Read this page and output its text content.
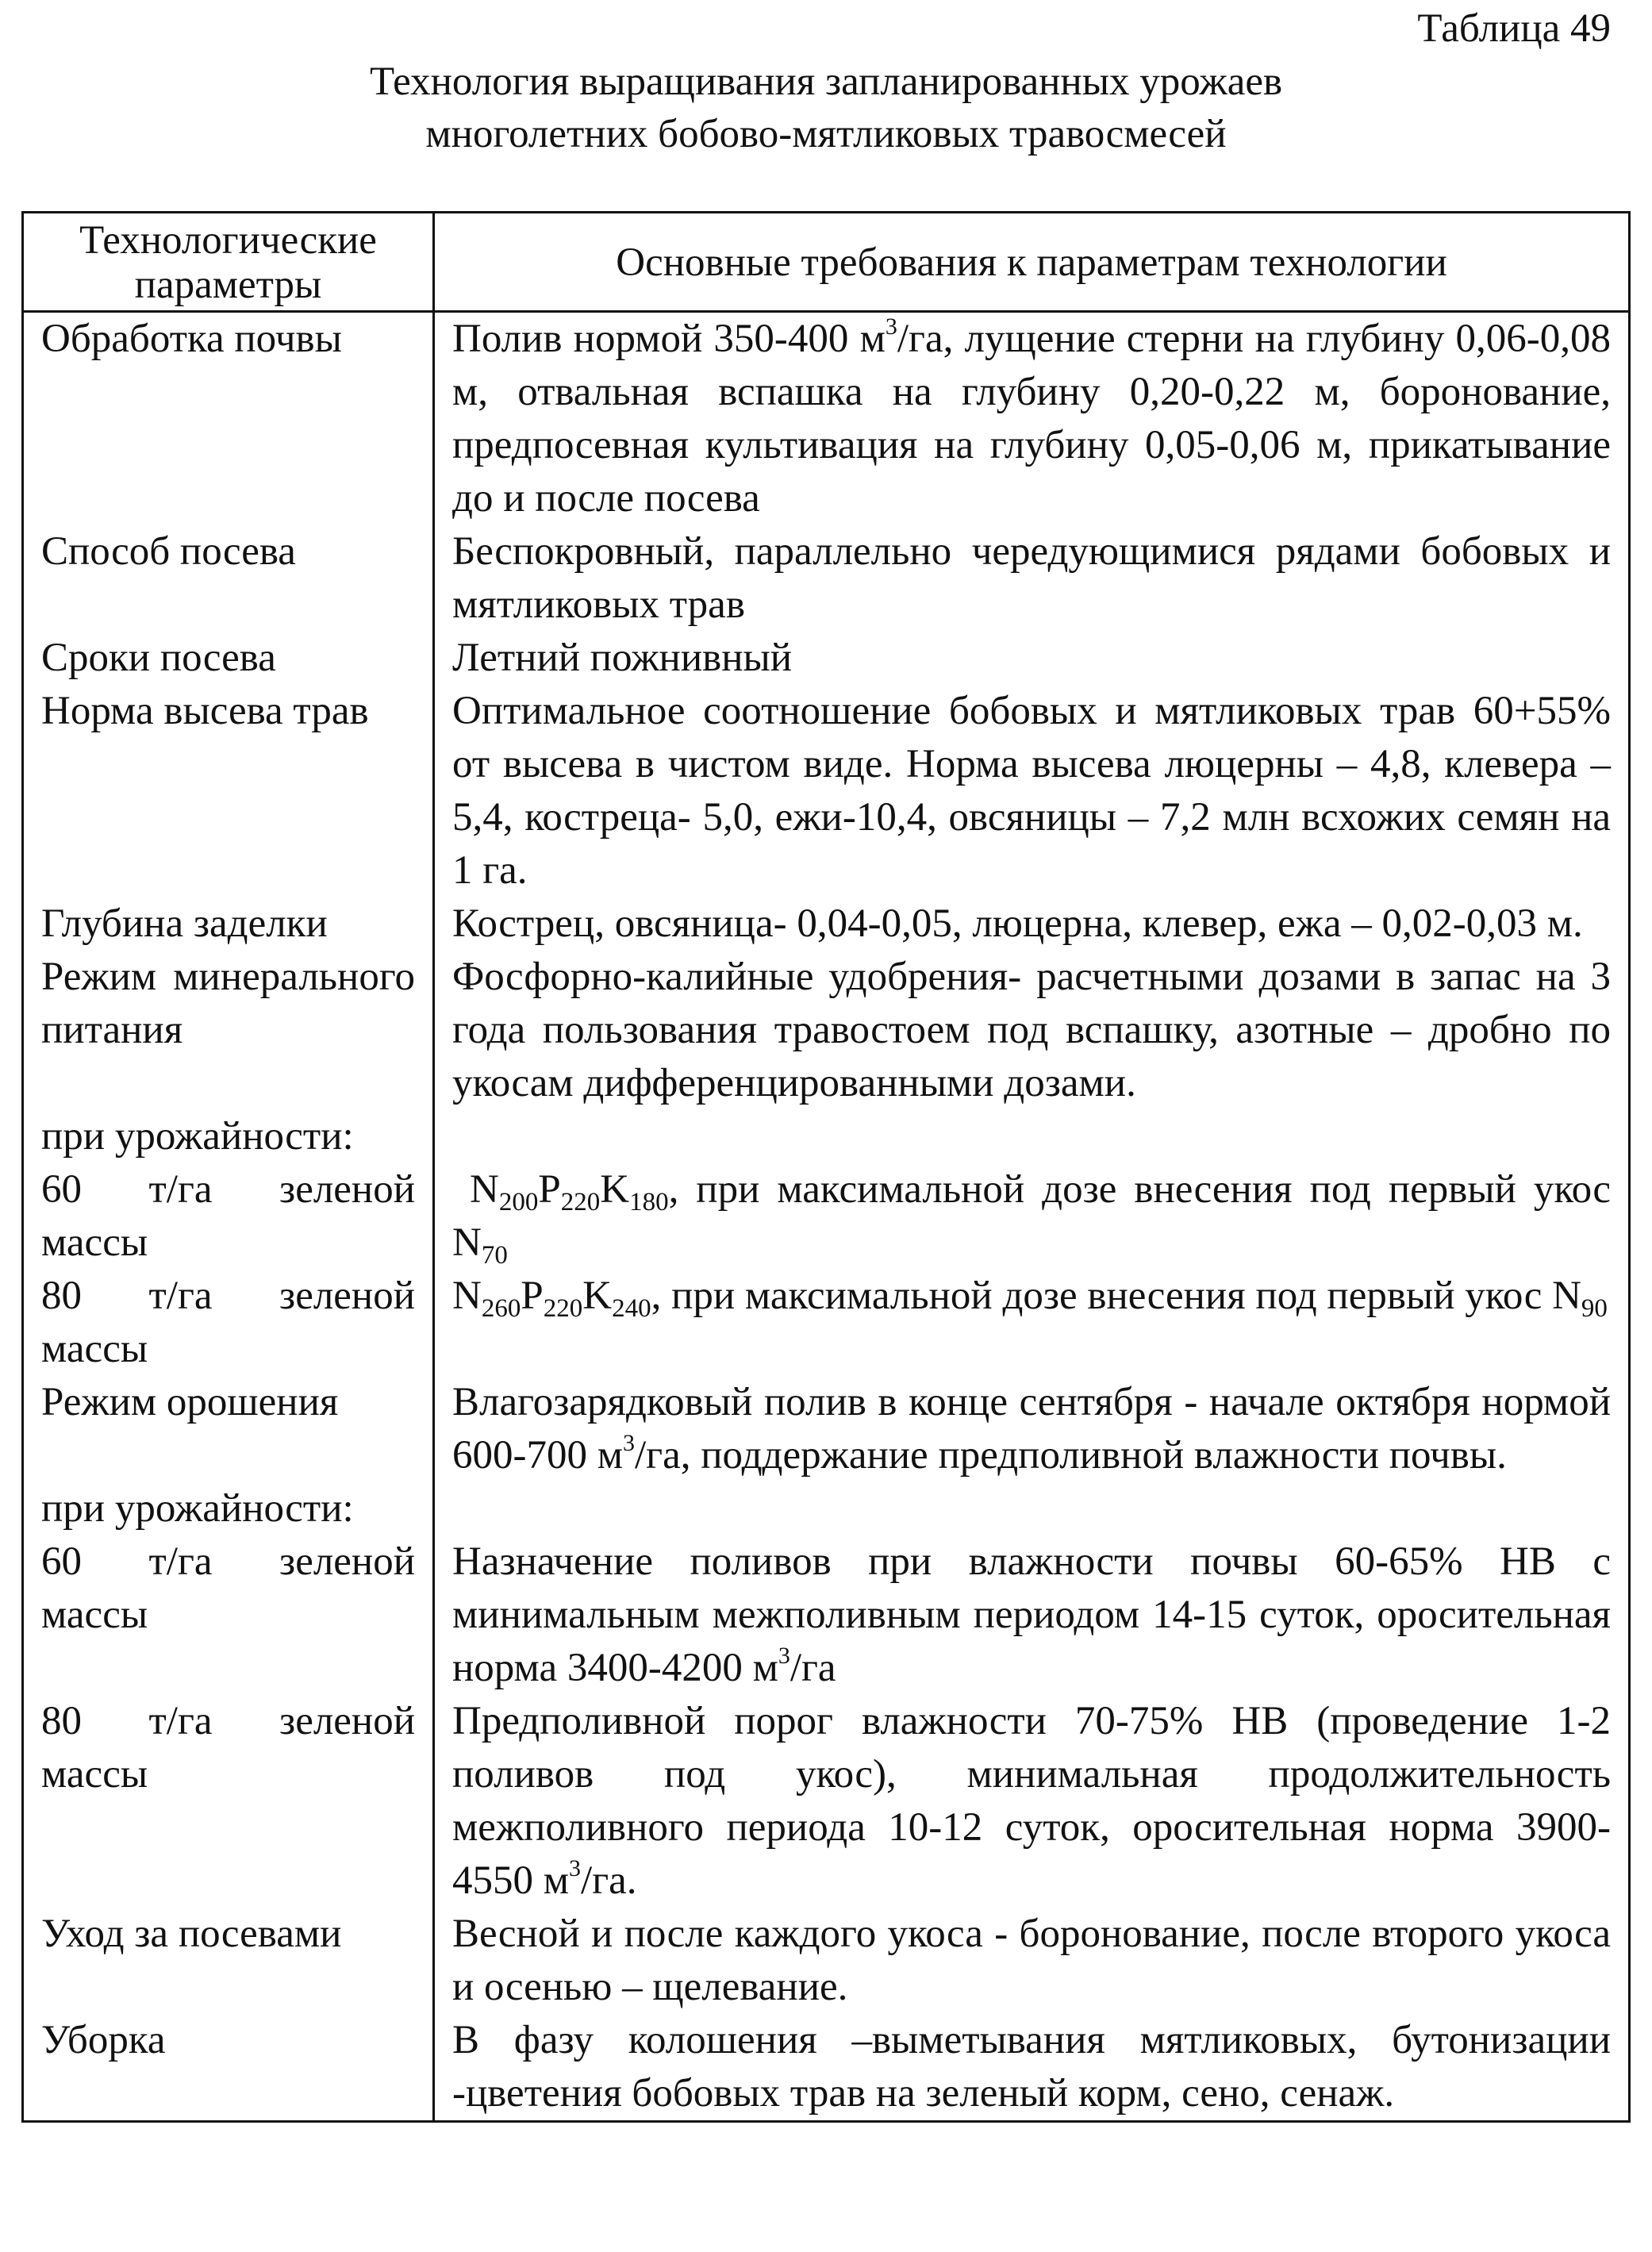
Таблица 49
Технология выращивания запланированных урожаев
многолетних бобово-мятликовых травосмесей
Технологические параметры	Основные требования к параметрам технологии
Обработка почвы	Полив нормой 350-400 $м^3/га$, лущение стерни на глубину 0,06-0,08 м, отвальная вспашка на глубину 0,20-0,22 м, боронование, предпосевная культивация на глубину 0,05-0,06 м, прикатывание до и после посева
Способ посева	Беспокровный, параллельно чередующимися рядами бобовых и мятликовых трав
Сроки посева	Летний пожнивный
Норма высева трав	Оптимальное соотношение бобовых и мятликовых трав 60+55% от высева в чистом виде. Норма высева люцерны – 4,8, клевера – 5,4, костреца- 5,0, ежи-10,4, овсяницы – 7,2 млн всхожих семян на 1 га.
Глубина заделки	Кострец, овсяница- 0,04-0,05, люцерна, клевер, ежа – 0,02-0,03 м.
Режим минерального питания	Фосфорно-калийные удобрения- расчетными дозами в запас на 3 года пользования травостоем под вспашку, азотные – дробно по укосам дифференцированными дозами.
при урожайности:	
60 т/га зеленой массы	$N_{200}P_{220}K_{180}$, при максимальной дозе внесения под первый укос $N_{70}$
80 т/га зеленой массы	$N_{260}P_{220}K_{240}$, при максимальной дозе внесения под первый укос $N_{90}$
Режим орошения	Влагозарядковый полив в конце сентября - начале октября нормой 600-700 $м^3/га$, поддержание предполивной влажности почвы.
при урожайности:	
60 т/га зеленой массы	Назначение поливов при влажности почвы 60-65% НВ с минимальным межполивным периодом 14-15 суток, оросительная норма 3400-4200 $м^3/га$
80 т/га зеленой массы	Предполивной порог влажности 70-75% НВ (проведение 1-2 поливов под укос), минимальная продолжительность межполивного периода 10-12 суток, оросительная норма 3900-4550 $м^3/га$.
Уход за посевами	Весной и после каждого укоса - боронование, после второго укоса и осенью – щелевание.
Уборка	В фазу колошения –выметывания мятликовых, бутонизации -цветения бобовых трав на зеленый корм, сено, сенаж.
